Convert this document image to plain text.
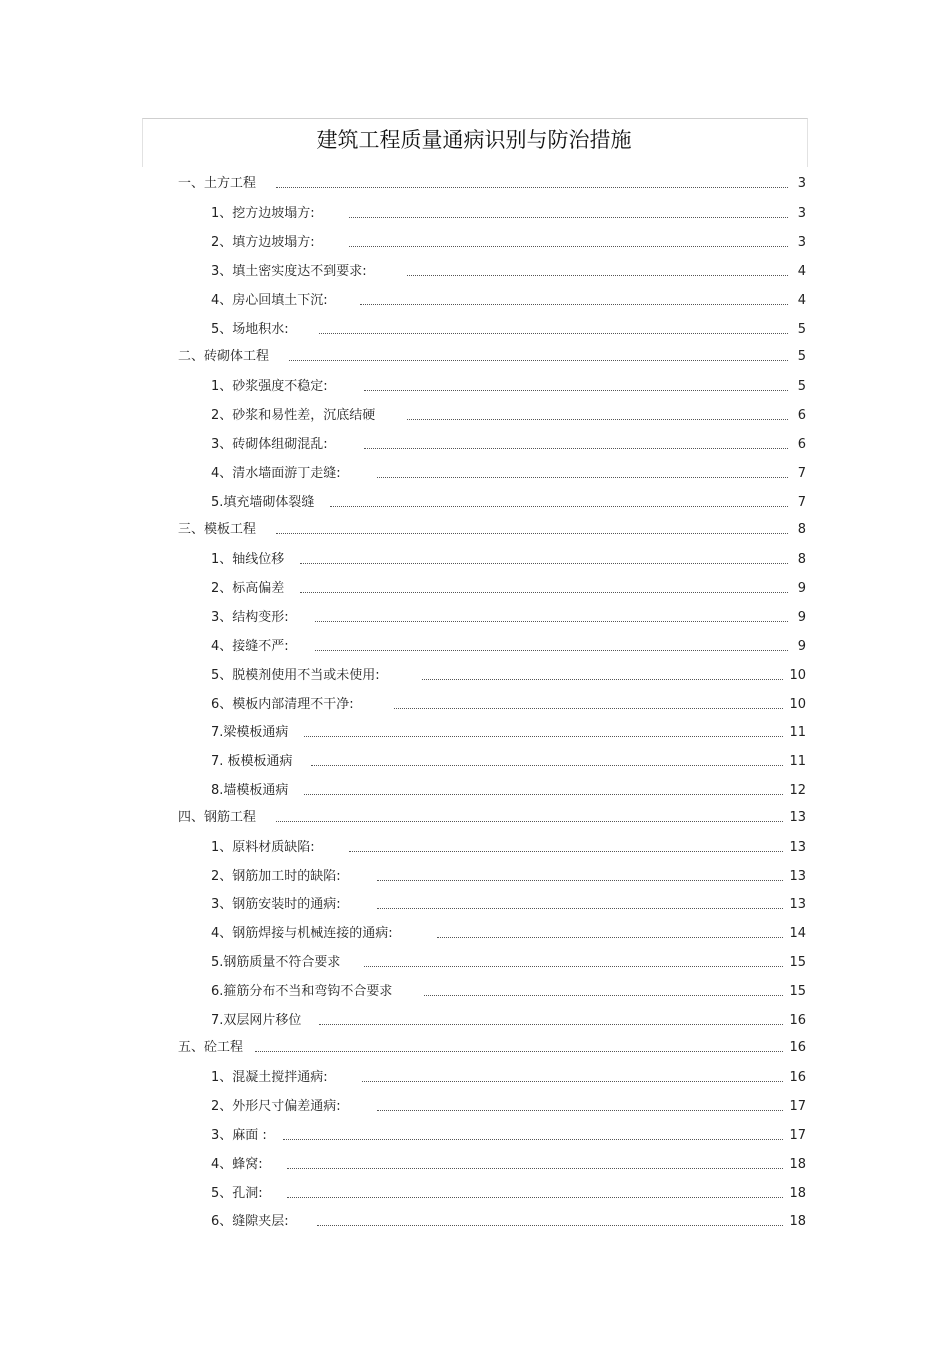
建筑工程质量通病识别与防治措施
一、土方工程	3
1、挖方边坡塌方:	3
2、填方边坡塌方:	3
3、填土密实度达不到要求:	4
4、房心回填土下沉:	4
5、场地积水:	5
二、砖砌体工程	5
1、砂浆强度不稳定:	5
2、砂浆和易性差，沉底结硬	6
3、砖砌体组砌混乱:	6
4、清水墙面游丁走缝:	7
5.填充墙砌体裂缝	7
三、模板工程	8
1、轴线位移	8
2、标高偏差	9
3、结构变形:	9
4、接缝不严:	9
5、脱模剂使用不当或未使用:	10
6、模板内部清理不干净:	10
7.梁模板通病	11
7. 板模板通病	11
8.墙模板通病	12
四、钢筋工程	13
1、原料材质缺陷:	13
2、钢筋加工时的缺陷:	13
3、钢筋安装时的通病:	13
4、钢筋焊接与机械连接的通病:	14
5.钢筋质量不符合要求	15
6.箍筋分布不当和弯钩不合要求	15
7.双层网片移位	16
五、砼工程	16
1、混凝土搅拌通病:	16
2、外形尺寸偏差通病:	17
3、麻面 :	17
4、蜂窝:	18
5、孔洞:	18
6、缝隙夹层:	18
